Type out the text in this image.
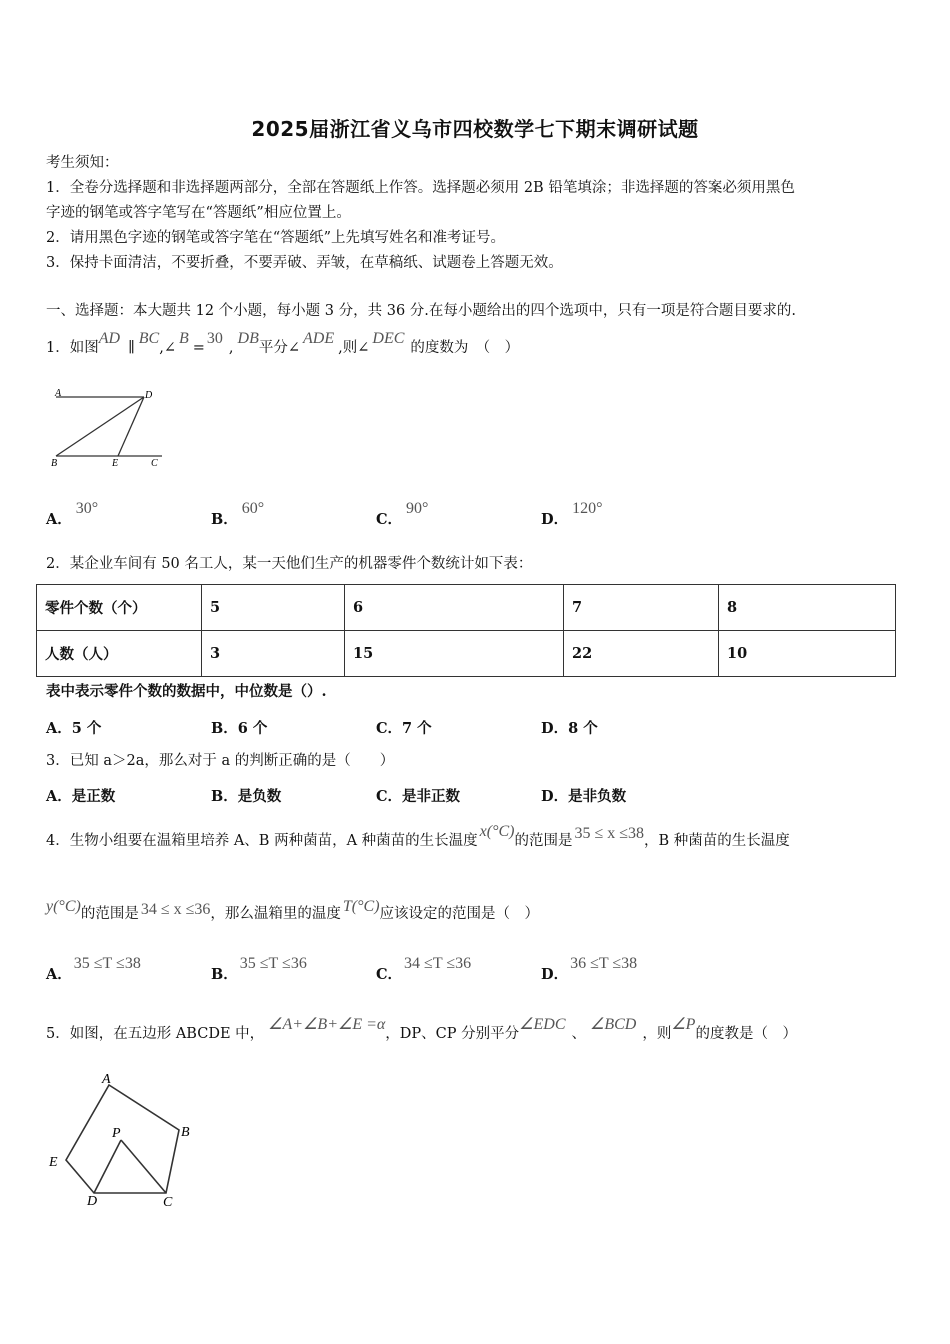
2025届浙江省义乌市四校数学七下期末调研试题
考生须知：
1．全卷分选择题和非选择题两部分，全部在答题纸上作答。选择题必须用 2B 铅笔填涂；非选择题的答案必须用黑色
字迹的钢笔或答字笔写在“答题纸”相应位置上。
2．请用黑色字迹的钢笔或答字笔在“答题纸”上先填写姓名和准考证号。
3．保持卡面清洁，不要折叠，不要弄破、弄皱，在草稿纸、试题卷上答题无效。
一、选择题：本大题共 12 个小题，每小题 3 分，共 36 分.在每小题给出的四个选项中，只有一项是符合题目要求的.
1．如图AD∥BC,∠B=30,DB平分∠ADE,则∠DEC的度数为　（　）
A	D
B	E	C
A．30°
B．60°
C．90°
D．120°
2．某企业车间有 50 名工人，某一天他们生产的机器零件个数统计如下表：
零件个数（个）	5	6	7	8
人数（人）	3	15	22	10
表中表示零件个数的数据中，中位数是（）.
A．5 个	B．6 个	C．7 个	D．8 个
3．已知 a＞2a，那么对于 a 的判断正确的是（　　）
A．是正数	B．是负数	C．是非正数	D．是非负数
4．生物小组要在温箱里培养 A、B 两种菌苗，A 种菌苗的生长温度x(°C)的范围是 35 ≤ x ≤38，B 种菌苗的生长温度
y(°C)的范围是 34 ≤ x ≤36，那么温箱里的温度 T(°C)应该设定的范围是（　）
A．35 ≤T ≤38
B．35 ≤T ≤36
C．34 ≤T ≤36
D．36 ≤T ≤38
5．如图，在五边形 ABCDE 中，∠A+∠B+∠E =α，DP、CP 分别平分∠EDC、∠BCD，则∠P的度教是（　）
A
B
C
D
E
P
